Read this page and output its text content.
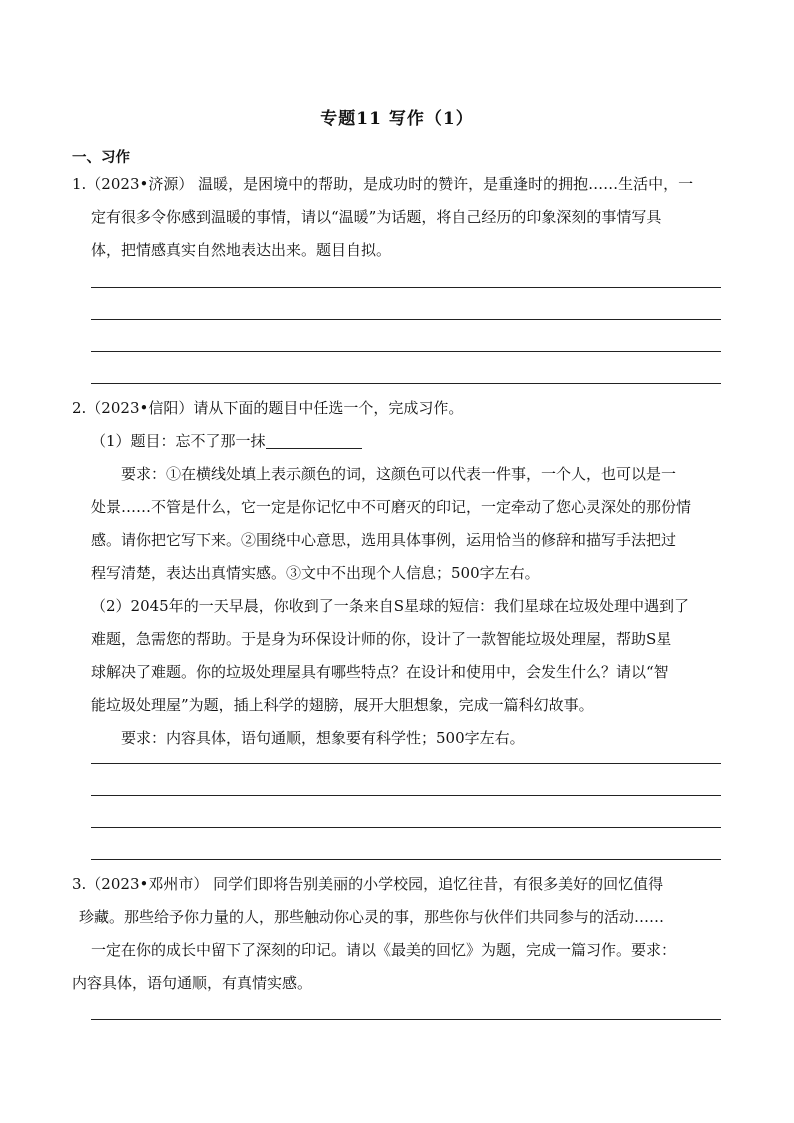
专题11 写作（1）
一、习作
1.（2023•济源） 温暖，是困境中的帮助，是成功时的赞许，是重逢时的拥抱……生活中，一
定有很多令你感到温暖的事情，请以“温暖”为话题，将自己经历的印象深刻的事情写具
体，把情感真实自然地表达出来。题目自拟。
2.（2023•信阳）请从下面的题目中任选一个，完成习作。
（1）题目：忘不了那一抹
要求：①在横线处填上表示颜色的词，这颜色可以代表一件事，一个人，也可以是一
处景……不管是什么，它一定是你记忆中不可磨灭的印记，一定牵动了您心灵深处的那份情
感。请你把它写下来。②围绕中心意思，选用具体事例，运用恰当的修辞和描写手法把过
程写清楚，表达出真情实感。③文中不出现个人信息；500字左右。
（2）2045年的一天早晨，你收到了一条来自S星球的短信：我们星球在垃圾处理中遇到了
难题，急需您的帮助。于是身为环保设计师的你，设计了一款智能垃圾处理屋，帮助S星
球解决了难题。你的垃圾处理屋具有哪些特点？在设计和使用中，会发生什么？请以“智
能垃圾处理屋”为题，插上科学的翅膀，展开大胆想象，完成一篇科幻故事。
要求：内容具体，语句通顺，想象要有科学性；500字左右。
3.（2023•邓州市） 同学们即将告别美丽的小学校园，追忆往昔，有很多美好的回忆值得
珍藏。那些给予你力量的人，那些触动你心灵的事，那些你与伙伴们共同参与的活动……
一定在你的成长中留下了深刻的印记。请以《最美的回忆》为题，完成一篇习作。要求：
内容具体，语句通顺，有真情实感。
